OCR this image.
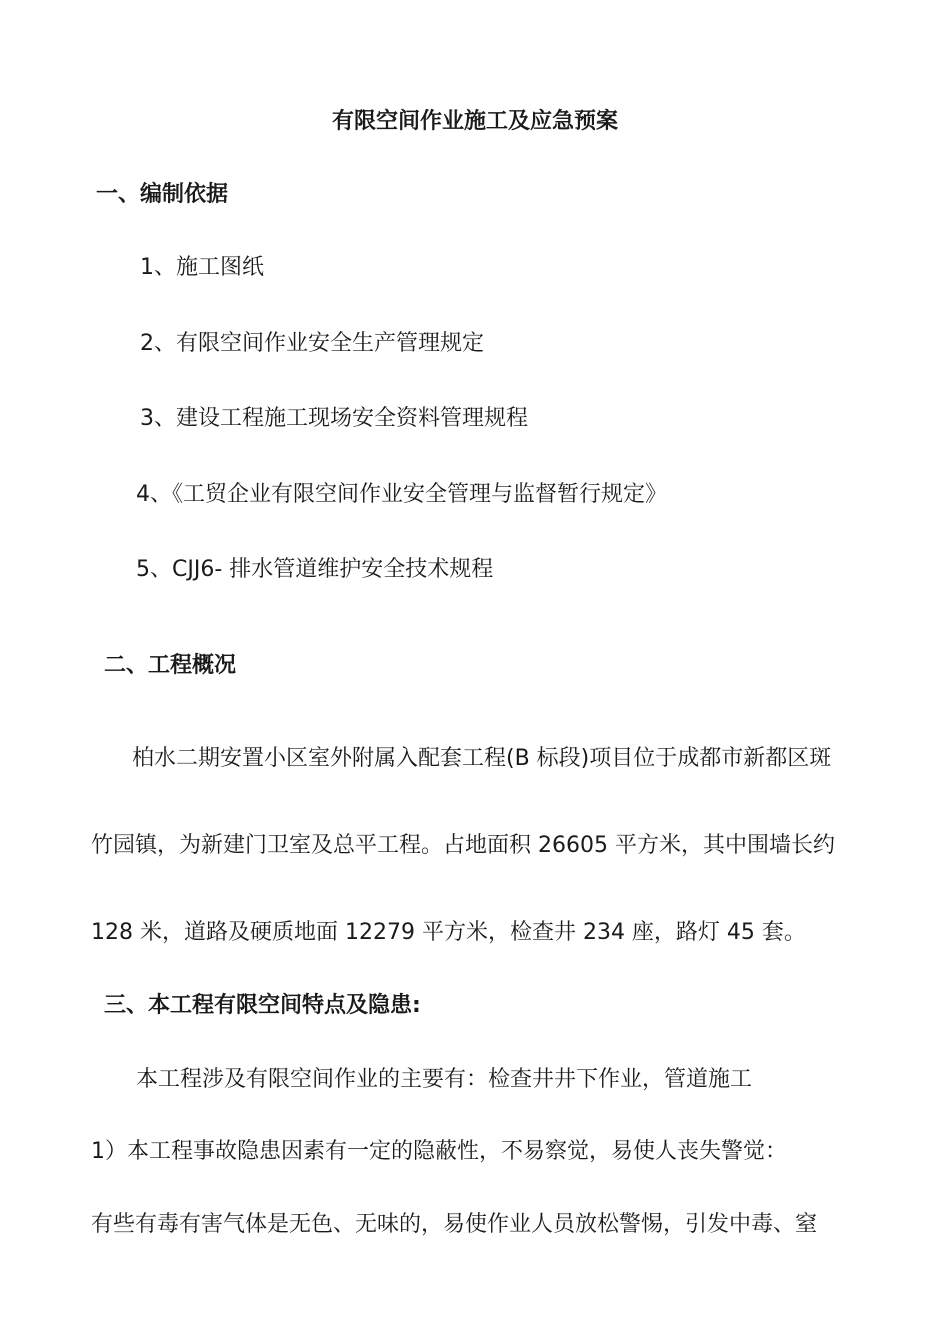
有限空间作业施工及应急预案
一、编制依据
1、施工图纸
2、有限空间作业安全生产管理规定
3、建设工程施工现场安全资料管理规程
4、《工贸企业有限空间作业安全管理与监督暂行规定》
5、CJJ6- 排水管道维护安全技术规程
二、工程概况
柏水二期安置小区室外附属入配套工程(B 标段)项目位于成都市新都区斑
竹园镇，为新建门卫室及总平工程。占地面积 26605 平方米，其中围墙长约
128 米，道路及硬质地面 12279 平方米，检查井 234 座，路灯 45 套。
三、本工程有限空间特点及隐患:
本工程涉及有限空间作业的主要有：检查井井下作业，管道施工
1）本工程事故隐患因素有一定的隐蔽性，不易察觉，易使人丧失警觉：
有些有毒有害气体是无色、无味的，易使作业人员放松警惕，引发中毒、窒
